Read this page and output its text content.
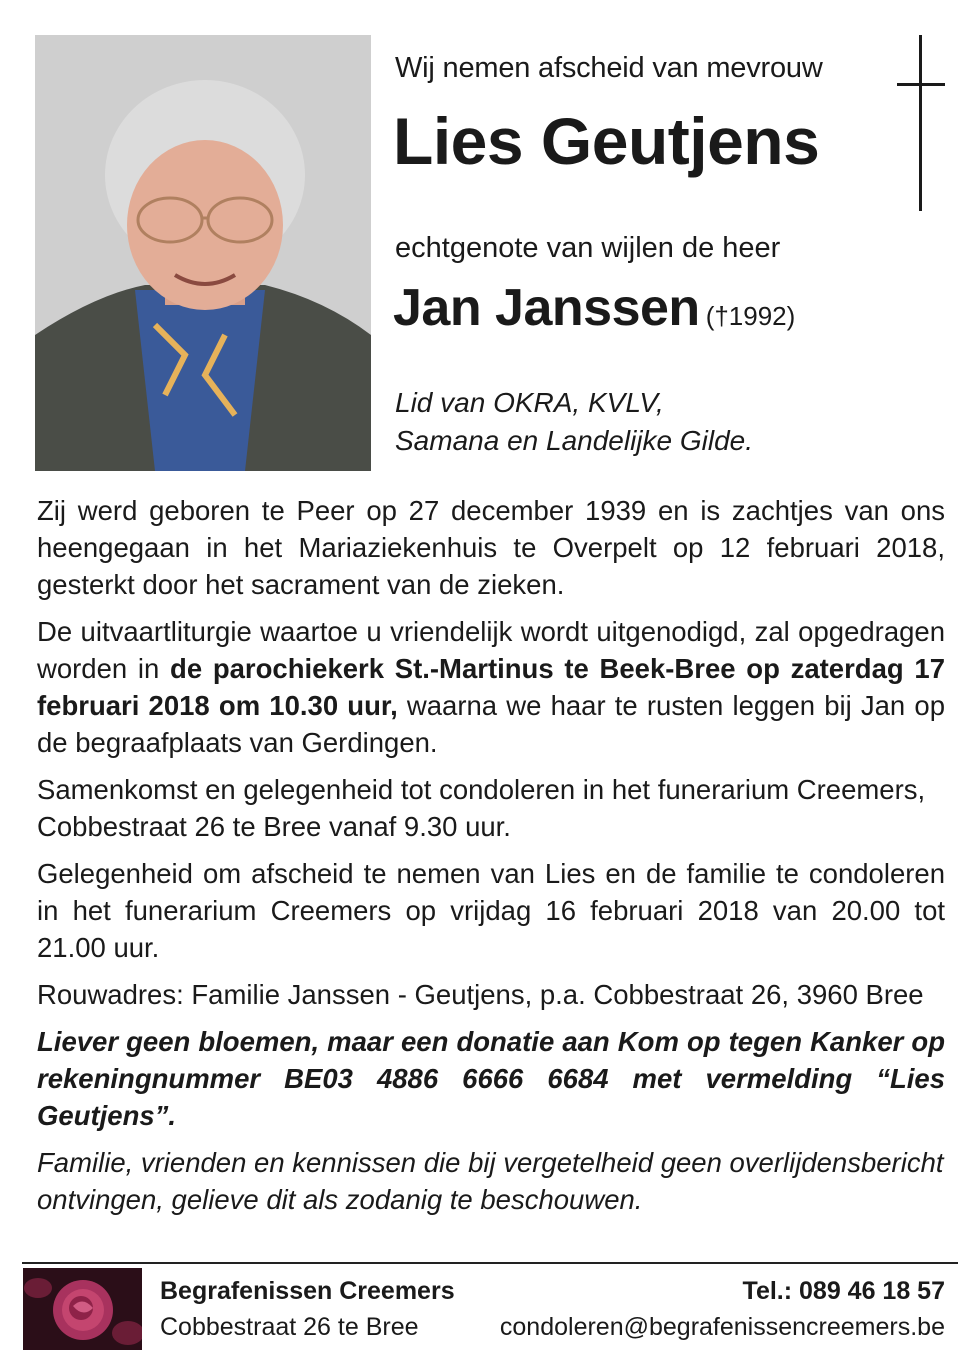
Wij nemen afscheid van mevrouw
Lies Geutjens
echtgenote van wijlen de heer
Jan Janssen (†1992)
Lid van OKRA, KVLV,
Samana en Landelijke Gilde.

Zij werd geboren te Peer op 27 december 1939 en is zachtjes van ons heengegaan in het Mariaziekenhuis te Overpelt op 12 februari 2018, gesterkt door het sacrament van de zieken.

De uitvaartliturgie waartoe u vriendelijk wordt uitgenodigd, zal opgedragen worden in de parochiekerk St.-Martinus te Beek-Bree op zaterdag 17 februari 2018 om 10.30 uur, waarna we haar te rusten leggen bij Jan op de begraafplaats van Gerdingen.

Samenkomst en gelegenheid tot condoleren in het funerarium Creemers, Cobbestraat 26 te Bree vanaf 9.30 uur.

Gelegenheid om afscheid te nemen van Lies en de familie te condoleren in het funerarium Creemers op vrijdag 16 februari 2018 van 20.00 tot 21.00 uur.

Rouwadres: Familie Janssen - Geutjens, p.a. Cobbestraat 26, 3960 Bree

Liever geen bloemen, maar een donatie aan Kom op tegen Kanker op rekeningnummer BE03 4886 6666 6684 met vermelding “Lies Geutjens”.

Familie, vrienden en kennissen die bij vergetelheid geen overlijdensbericht ontvingen, gelieve dit als zodanig te beschouwen.

Begrafenissen Creemers
Cobbestraat 26 te Bree
Tel.: 089 46 18 57
condoleren@begrafenissencreemers.be
